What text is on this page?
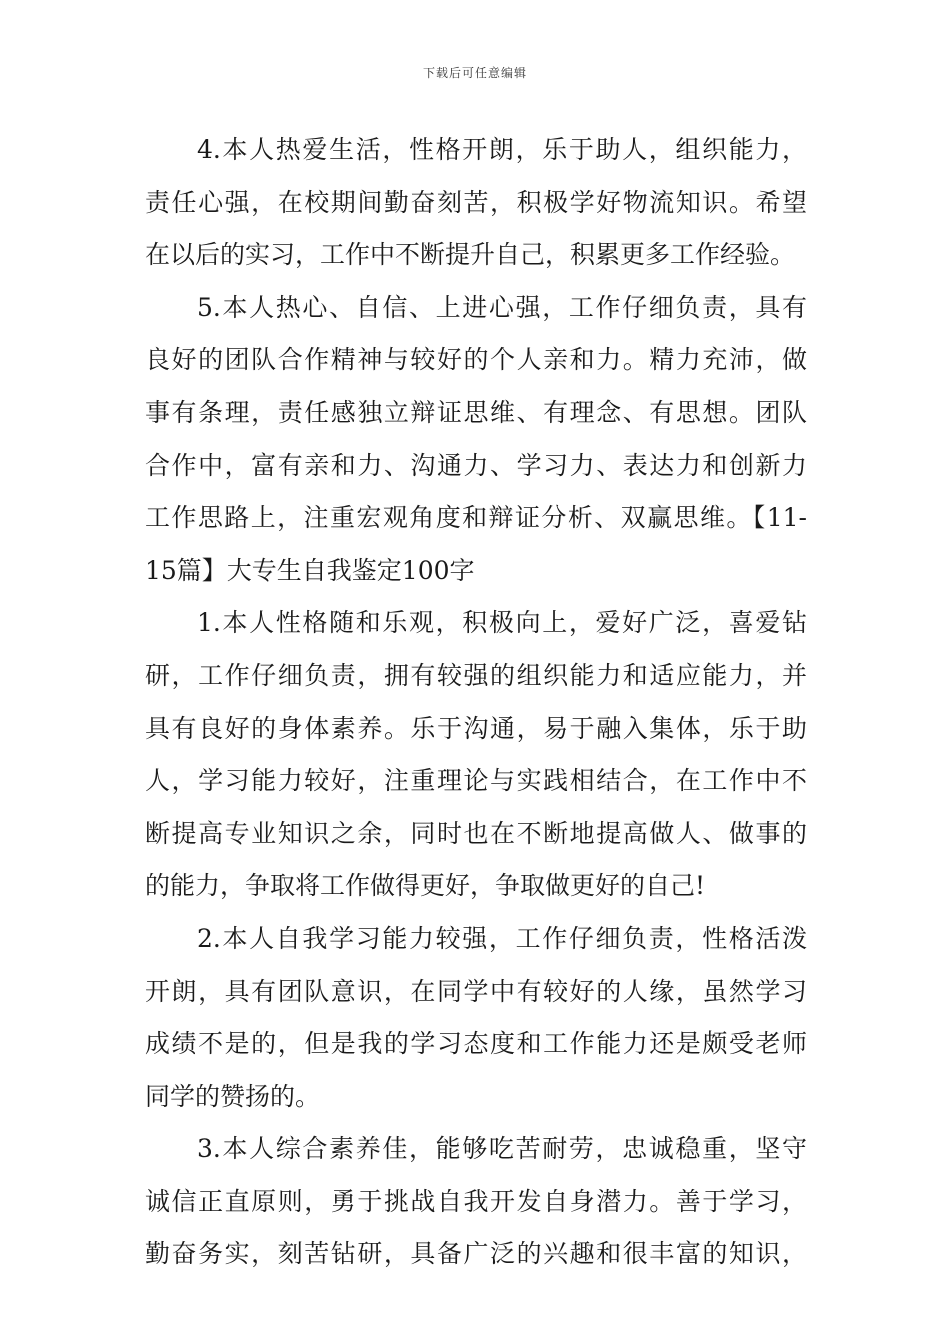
下载后可任意编辑
4.本人热爱生活，性格开朗，乐于助人，组织能力，
责任心强，在校期间勤奋刻苦，积极学好物流知识。希望
在以后的实习，工作中不断提升自己，积累更多工作经验。
5.本人热心、自信、上进心强，工作仔细负责，具有
良好的团队合作精神与较好的个人亲和力。精力充沛，做
事有条理，责任感独立辩证思维、有理念、有思想。团队
合作中，富有亲和力、沟通力、学习力、表达力和创新力
工作思路上，注重宏观角度和辩证分析、双赢思维。【11-
15篇】大专生自我鉴定100字
1.本人性格随和乐观，积极向上，爱好广泛，喜爱钻
研，工作仔细负责，拥有较强的组织能力和适应能力，并
具有良好的身体素养。乐于沟通，易于融入集体，乐于助
人，学习能力较好，注重理论与实践相结合，在工作中不
断提高专业知识之余，同时也在不断地提高做人、做事的
的能力，争取将工作做得更好，争取做更好的自己!
2.本人自我学习能力较强，工作仔细负责，性格活泼
开朗，具有团队意识，在同学中有较好的人缘，虽然学习
成绩不是的，但是我的学习态度和工作能力还是颇受老师
同学的赞扬的。
3.本人综合素养佳，能够吃苦耐劳，忠诚稳重，坚守
诚信正直原则，勇于挑战自我开发自身潜力。善于学习，
勤奋务实，刻苦钻研，具备广泛的兴趣和很丰富的知识，
